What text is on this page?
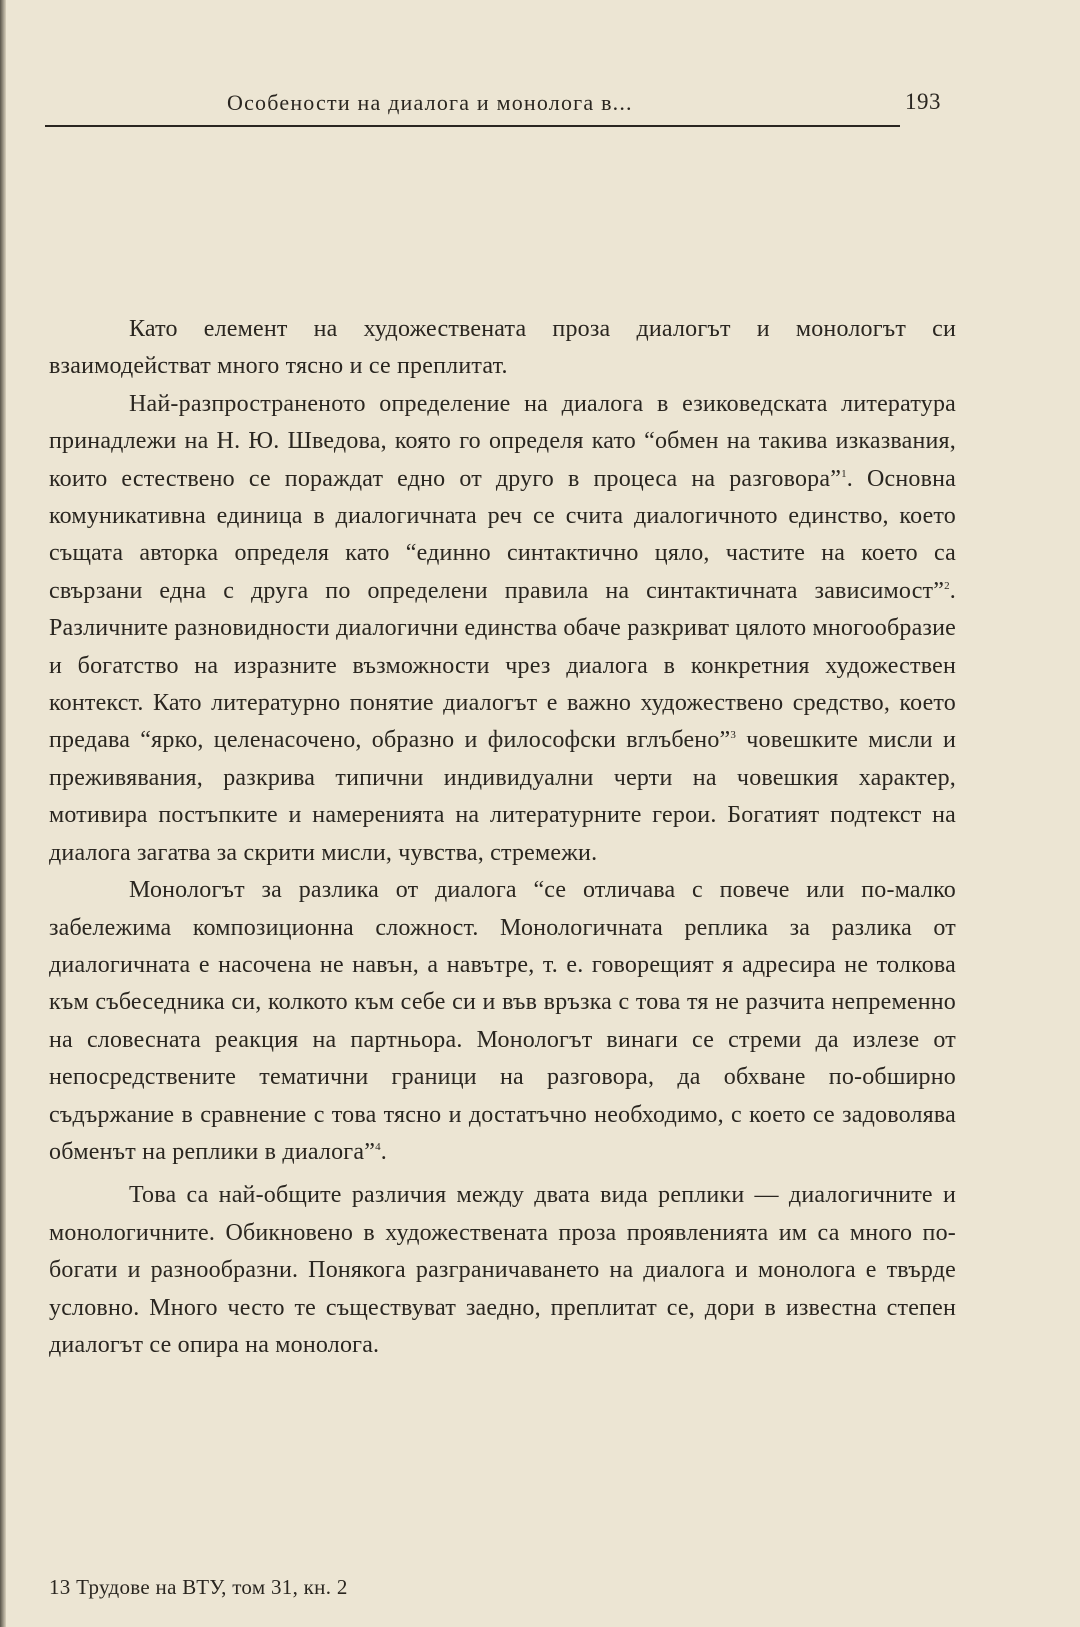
Особености на диалога и монолога в...	193

Като елемент на художествената проза диалогът и монологът си взаимодействат много тясно и се преплитат.

Най-разпространеното определение на диалога в езиковедската литература принадлежи на Н. Ю. Шведова, която го определя като “обмен на такива изказвания, които естествено се пораждат едно от друго в процеса на разговора”$^1$. Основна комуникативна единица в диалогичната реч се счита диалогичното единство, което същата авторка определя като “единно синтактично цяло, частите на което са свързани една с друга по определени правила на синтактичната зависимост”$^2$. Различните разновидности диалогични единства обаче разкриват цялото многообразие и богатство на изразните възможности чрез диалога в конкретния художествен контекст. Като литературно понятие диалогът е важно художествено средство, което предава “ярко, целенасочено, образно и философски вглъбено”$^3$ човешките мисли и преживявания, разкрива типични индивидуални черти на човешкия характер, мотивира постъпките и намеренията на литературните герои. Богатият подтекст на диалога загатва за скрити мисли, чувства, стремежи.

Монологът за разлика от диалога “се отличава с повече или по-малко забележима композиционна сложност. Монологичната реплика за разлика от диалогичната е насочена не навън, а навътре, т. е. говорещият я адресира не толкова към събеседника си, колкото към себе си и във връзка с това тя не разчита непременно на словесната реакция на партньора. Монологът винаги се стреми да излезе от непосредствените тематични граници на разговора, да обхване по-обширно съдържание в сравнение с това тясно и достатъчно необходимо, с което се задоволява обменът на реплики в диалога”$^4$.

Това са най-общите различия между двата вида реплики — диалогичните и монологичните. Обикновено в художествената проза проявленията им са много по-богати и разнообразни. Понякога разграничаването на диалога и монолога е твърде условно. Много често те съществуват заедно, преплитат се, дори в известна степен диалогът се опира на монолога.

13 Трудове на ВТУ, том 31, кн. 2
